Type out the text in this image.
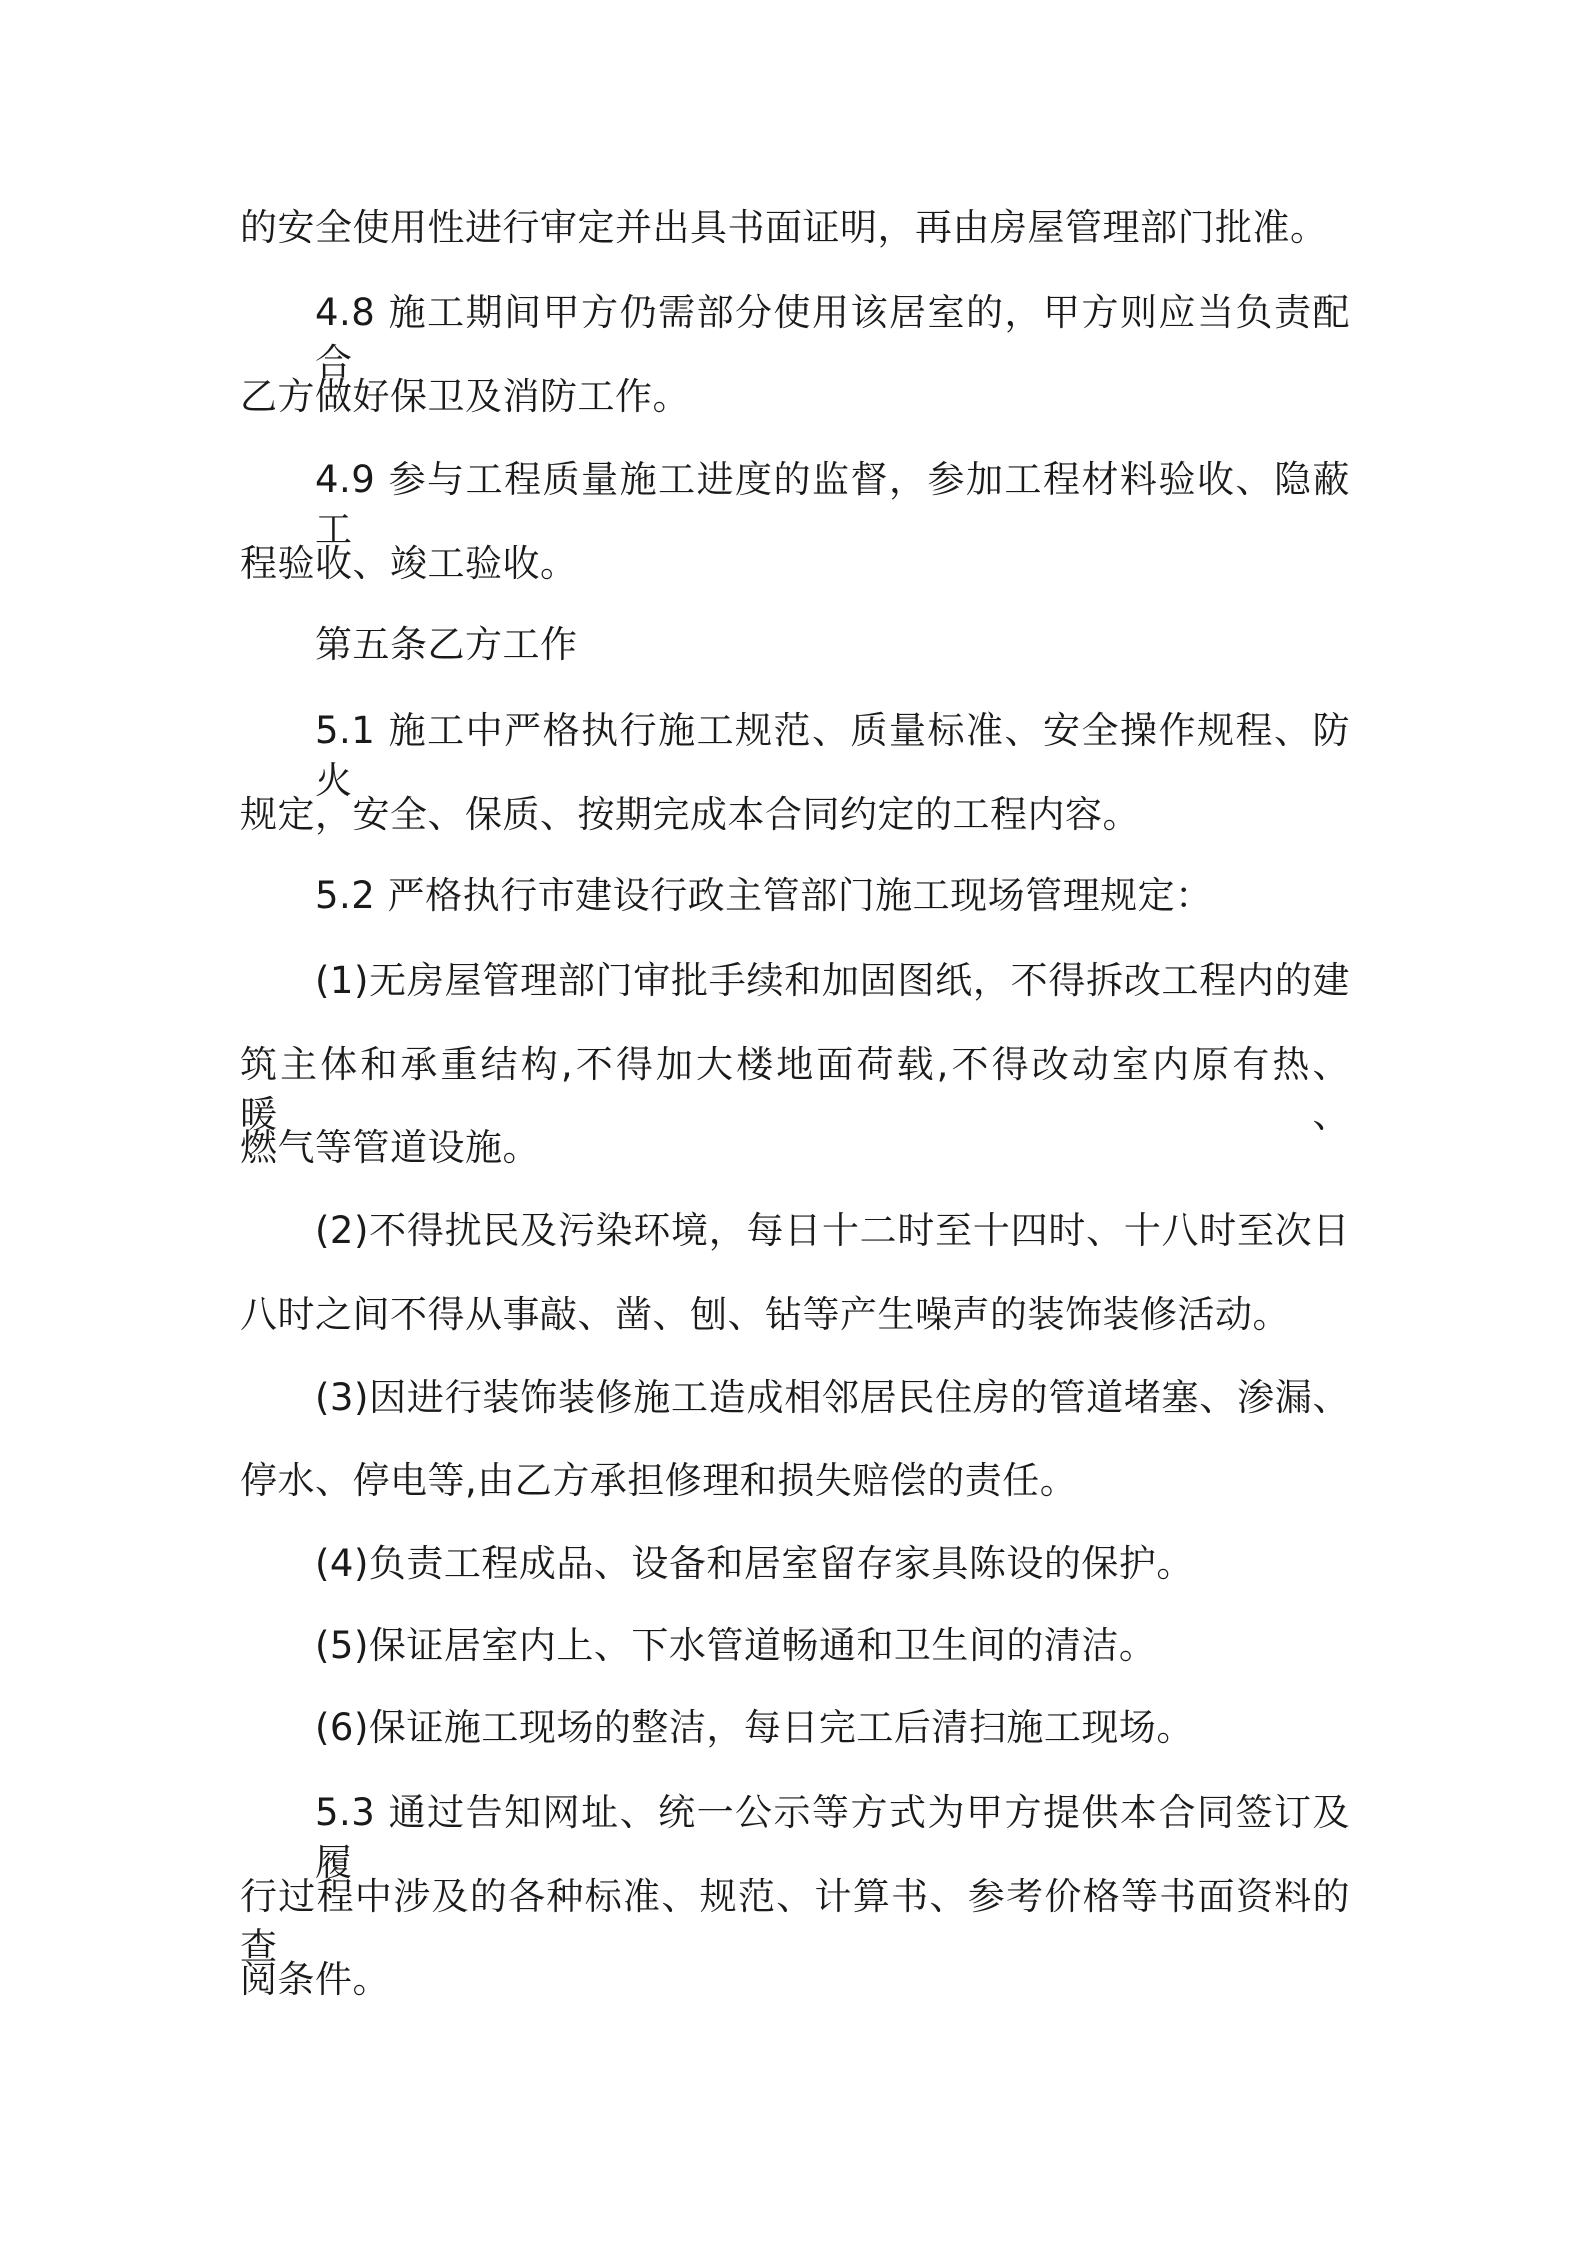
的安全使用性进行审定并出具书面证明，再由房屋管理部门批准。

4.8 施工期间甲方仍需部分使用该居室的，甲方则应当负责配合

乙方做好保卫及消防工作。

4.9 参与工程质量施工进度的监督，参加工程材料验收、隐蔽工

程验收、竣工验收。

第五条乙方工作

5.1 施工中严格执行施工规范、质量标准、安全操作规程、防火

规定，安全、保质、按期完成本合同约定的工程内容。

5.2 严格执行市建设行政主管部门施工现场管理规定：

(1)无房屋管理部门审批手续和加固图纸，不得拆改工程内的建

筑主体和承重结构,不得加大楼地面荷载,不得改动室内原有热、暖、

燃气等管道设施。

(2)不得扰民及污染环境，每日十二时至十四时、十八时至次日

八时之间不得从事敲、凿、刨、钻等产生噪声的装饰装修活动。

(3)因进行装饰装修施工造成相邻居民住房的管道堵塞、渗漏、

停水、停电等,由乙方承担修理和损失赔偿的责任。

(4)负责工程成品、设备和居室留存家具陈设的保护。

(5)保证居室内上、下水管道畅通和卫生间的清洁。

(6)保证施工现场的整洁，每日完工后清扫施工现场。

5.3 通过告知网址、统一公示等方式为甲方提供本合同签订及履

行过程中涉及的各种标准、规范、计算书、参考价格等书面资料的查

阅条件。
